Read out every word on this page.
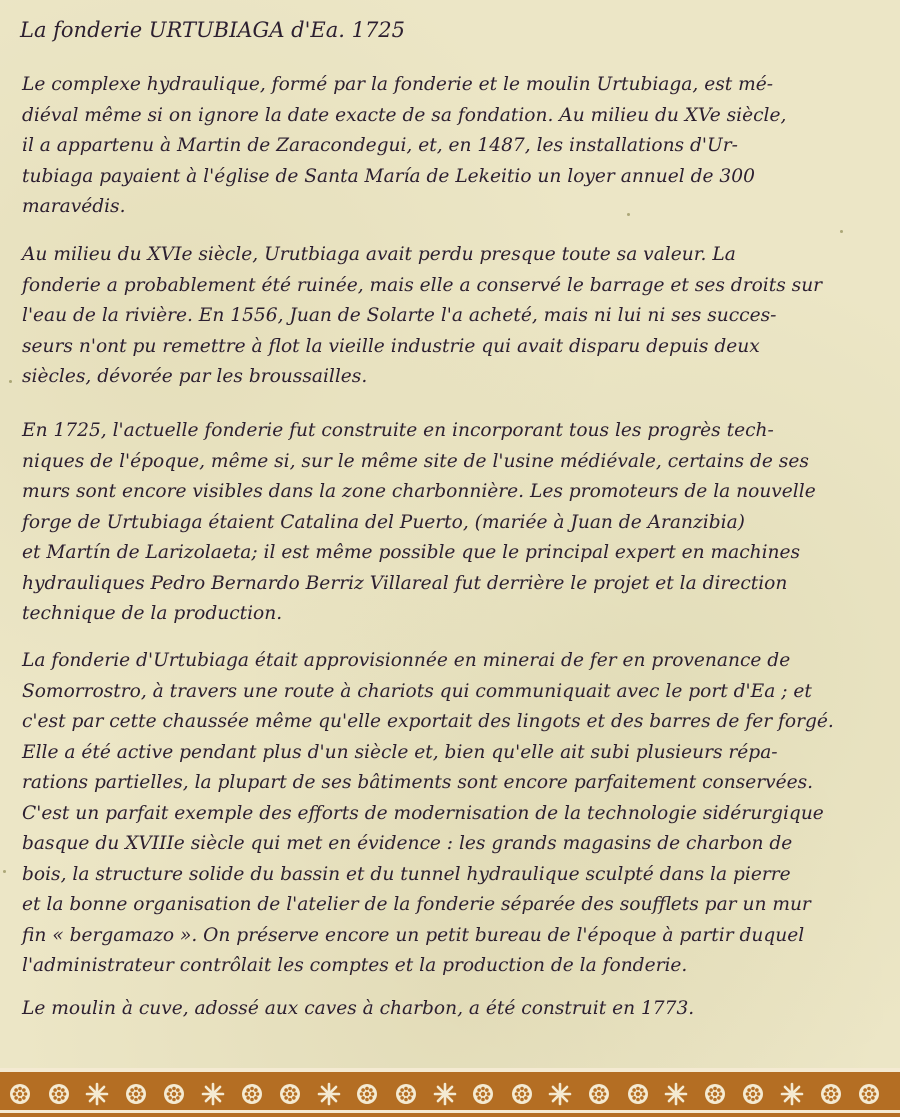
La fonderie URTUBIAGA d'Ea. 1725
Le complexe hydraulique, formé par la fonderie et le moulin Urtubiaga, est mé-
diéval même si on ignore la date exacte de sa fondation. Au milieu du XVe siècle,
il a appartenu à Martin de Zaracondegui, et, en 1487, les installations d'Ur-
tubiaga payaient à l'église de Santa María de Lekeitio un loyer annuel de 300
maravédis.
Au milieu du XVIe siècle, Urutbiaga avait perdu presque toute sa valeur. La
fonderie a probablement été ruinée, mais elle a conservé le barrage et ses droits sur
l'eau de la rivière. En 1556, Juan de Solarte l'a acheté, mais ni lui ni ses succes-
seurs n'ont pu remettre à flot la vieille industrie qui avait disparu depuis deux
siècles, dévorée par les broussailles.
En 1725, l'actuelle fonderie fut construite en incorporant tous les progrès tech-
niques de l'époque, même si, sur le même site de l'usine médiévale, certains de ses
murs sont encore visibles dans la zone charbonnière. Les promoteurs de la nouvelle
forge de Urtubiaga étaient Catalina del Puerto, (mariée à Juan de Aranzibia)
et Martín de Larizolaeta; il est même possible que le principal expert en machines
hydrauliques Pedro Bernardo Berriz Villareal fut derrière le projet et la direction
technique de la production.
La fonderie d'Urtubiaga était approvisionnée en minerai de fer en provenance de
Somorrostro, à travers une route à chariots qui communiquait avec le port d'Ea ; et
c'est par cette chaussée même qu'elle exportait des lingots et des barres de fer forgé.
Elle a été active pendant plus d'un siècle et, bien qu'elle ait subi plusieurs répa-
rations partielles, la plupart de ses bâtiments sont encore parfaitement conservées.
C'est un parfait exemple des efforts de modernisation de la technologie sidérurgique
basque du XVIIIe siècle qui met en évidence : les grands magasins de charbon de
bois, la structure solide du bassin et du tunnel hydraulique sculpté dans la pierre
et la bonne organisation de l'atelier de la fonderie séparée des soufflets par un mur
fin « bergamazo ». On préserve encore un petit bureau de l'époque à partir duquel
l'administrateur contrôlait les comptes et la production de la fonderie.
Le moulin à cuve, adossé aux caves à charbon, a été construit en 1773.
